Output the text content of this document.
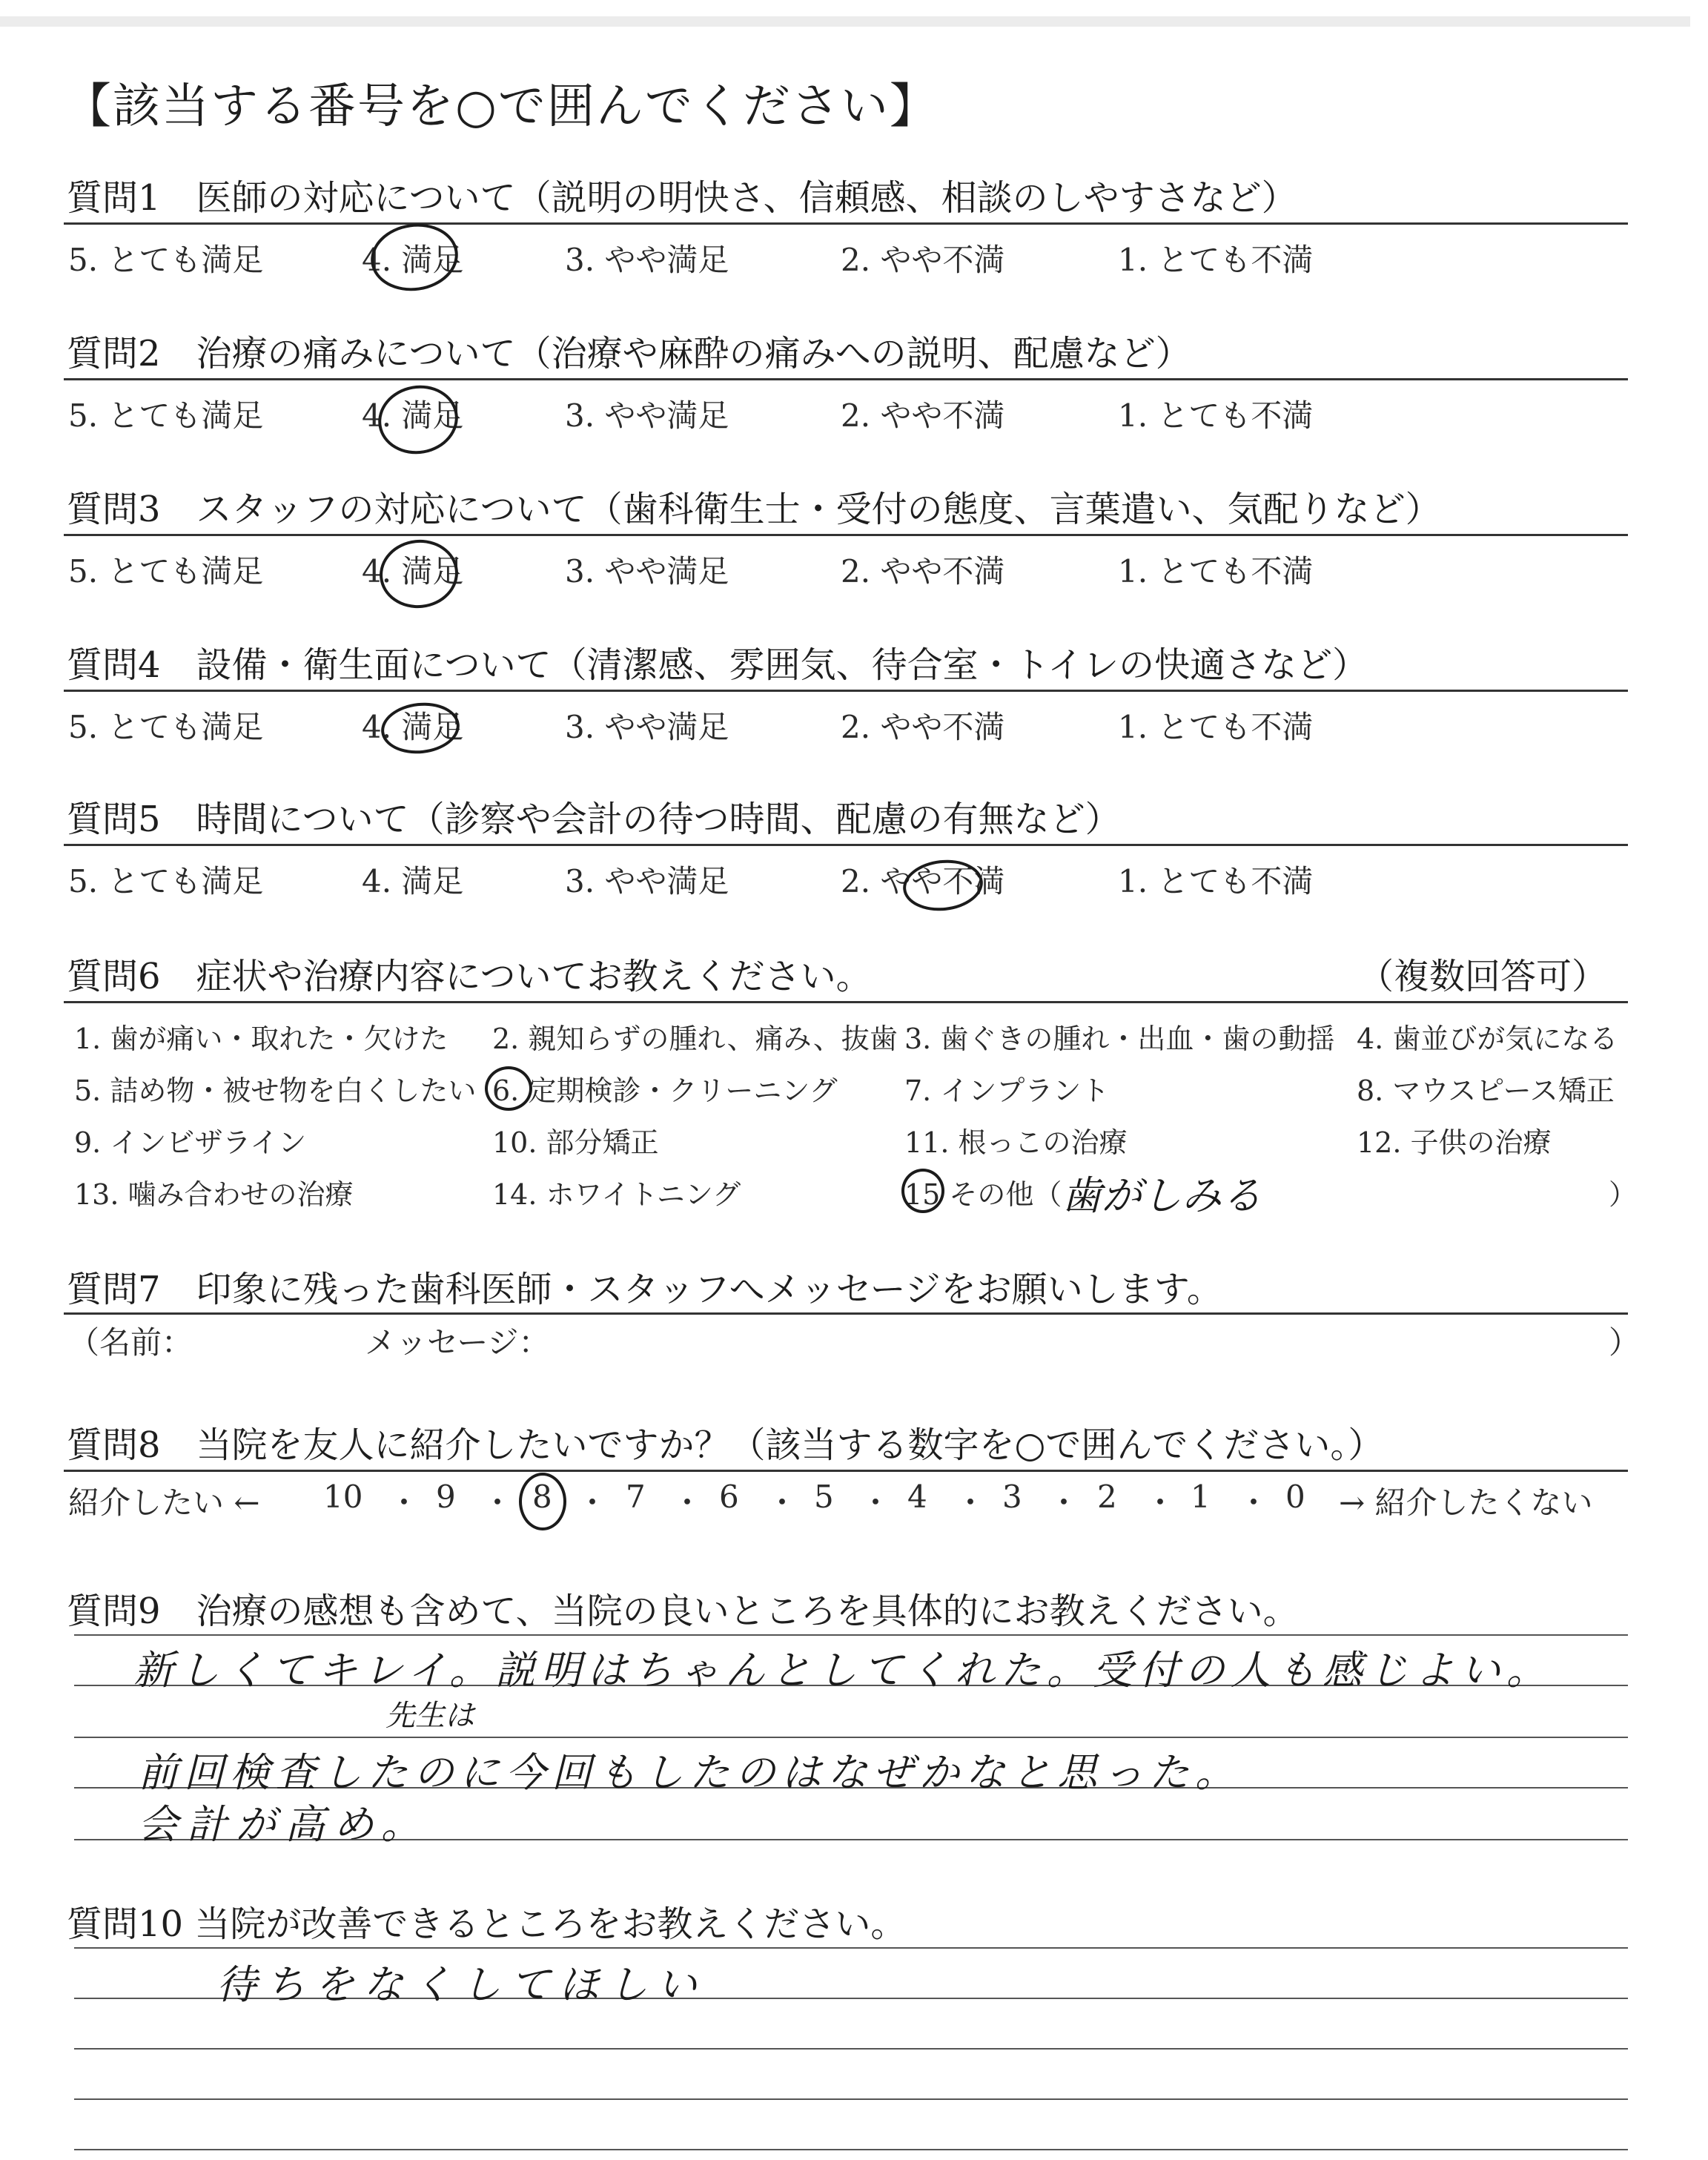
【該当する番号を○で囲んでください】
質問1　医師の対応について（説明の明快さ、信頼感、相談のしやすさなど）
5. とても満足	4. 満足	3. やや満足	2. やや不満	1. とても不満
質問2　治療の痛みについて（治療や麻酔の痛みへの説明、配慮など）
5. とても満足	4. 満足	3. やや満足	2. やや不満	1. とても不満
質問3　スタッフの対応について（歯科衛生士・受付の態度、言葉遣い、気配りなど）
5. とても満足	4. 満足	3. やや満足	2. やや不満	1. とても不満
質問4　設備・衛生面について（清潔感、雰囲気、待合室・トイレの快適さなど）
5. とても満足	4. 満足	3. やや満足	2. やや不満	1. とても不満
質問5　時間について（診察や会計の待つ時間、配慮の有無など）
5. とても満足	4. 満足	3. やや満足	2. やや不満	1. とても不満
質問6　症状や治療内容についてお教えください。	（複数回答可）
1. 歯が痛い・取れた・欠けた 2. 親知らずの腫れ、痛み、抜歯 3. 歯ぐきの腫れ・出血・歯の動揺 4. 歯並びが気になる
5. 詰め物・被せ物を白くしたい 6. 定期検診・クリーニング 7. インプラント	8. マウスピース矯正
9. インビザライン	10. 部分矯正	11. 根っこの治療	12. 子供の治療
13. 噛み合わせの治療	14. ホワイトニング	15 その他（ 歯がしみる	）
質問7　印象に残った歯科医師・スタッフへメッセージをお願いします。
（名前：	メッセージ：	）
質問8　当院を友人に紹介したいですか？（該当する数字を○で囲んでください。）
紹介したい ←	→ 紹介したくない
10 ・ 9 ・ 8 ・ 7 ・ 6 ・ 5 ・ 4 ・ 3 ・ 2 ・ 1 ・ 0
質問9　治療の感想も含めて、当院の良いところを具体的にお教えください。
新しくてキレイ。説明はちゃんとしてくれた。受付の人も感じよい。
先生は
前回検査したのに今回もしたのはなぜかなと思った。
会計が高め。
質問10 当院が改善できるところをお教えください。
待ちをなくしてほしい
